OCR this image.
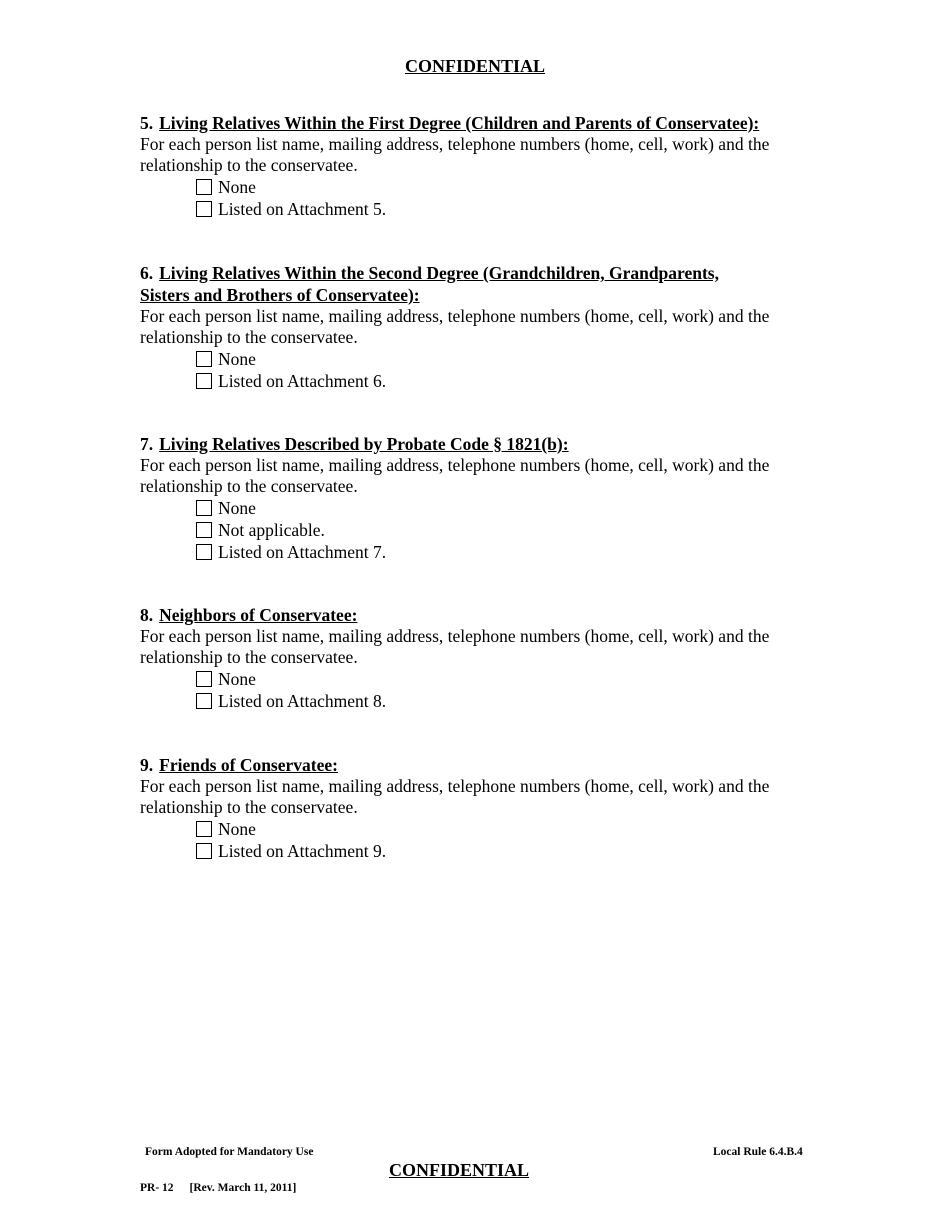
CONFIDENTIAL
5. Living Relatives Within the First Degree (Children and Parents of Conservatee):
For each person list name, mailing address, telephone numbers (home, cell, work) and the
relationship to the conservatee.
None
Listed on Attachment 5.
6. Living Relatives Within the Second Degree (Grandchildren, Grandparents,
Sisters and Brothers of Conservatee):
For each person list name, mailing address, telephone numbers (home, cell, work) and the
relationship to the conservatee.
None
Listed on Attachment 6.
7. Living Relatives Described by Probate Code § 1821(b):
For each person list name, mailing address, telephone numbers (home, cell, work) and the
relationship to the conservatee.
None
Not applicable.
Listed on Attachment 7.
8. Neighbors of Conservatee:
For each person list name, mailing address, telephone numbers (home, cell, work) and the
relationship to the conservatee.
None
Listed on Attachment 8.
9. Friends of Conservatee:
For each person list name, mailing address, telephone numbers (home, cell, work) and the
relationship to the conservatee.
None
Listed on Attachment 9.
Form Adopted for Mandatory Use	Local Rule 6.4.B.4
CONFIDENTIAL
PR- 12 [Rev. March 11, 2011]
